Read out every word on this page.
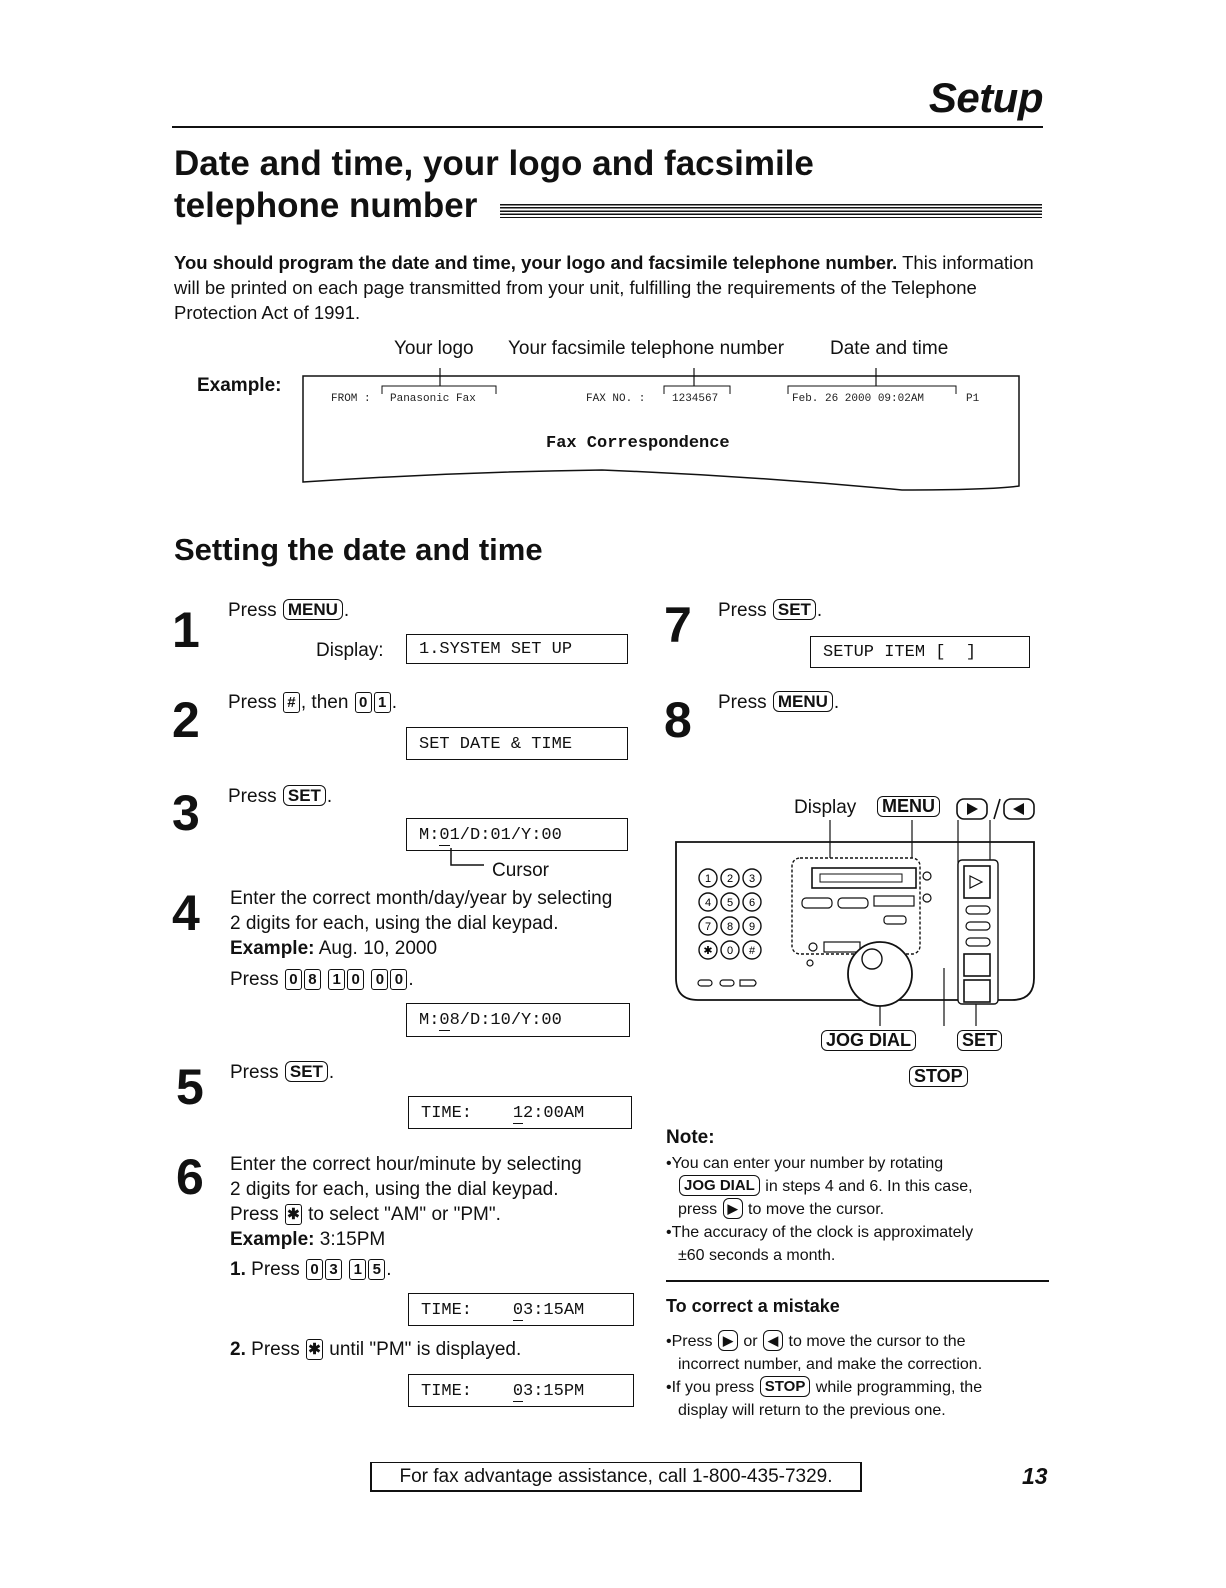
Setup
Date and time, your logo and facsimile
telephone number
You should program the date and time, your logo and facsimile telephone number. This information will be printed on each page transmitted from your unit, fulfilling the requirements of the Telephone Protection Act of 1991.
Your logo Your facsimile telephone number Date and time
Example:
FROM : Panasonic Fax	FAX NO. : 1234567	Feb. 26 2000 09:02AM	P1
Fax Correspondence
Setting the date and time
1 Press MENU .
Display:	1.SYSTEM SET UP
2 Press # , then 0 1 .
SET DATE & TIME
3 Press SET .
M:01/D:01/Y:00
Cursor
4 Enter the correct month/day/year by selecting
2 digits for each, using the dial keypad.
Example: Aug. 10, 2000
Press 0 8 1 0 0 0 .
M:08/D:10/Y:00
5 Press SET .
TIME:    12:00AM
6 Enter the correct hour/minute by selecting
2 digits for each, using the dial keypad.
Press ✱ to select "AM" or "PM".
Example: 3:15PM
1. Press 0 3 1 5 .
TIME:    03:15AM
2. Press ✱ until "PM" is displayed.
TIME:    03:15PM
7 Press SET .
SETUP ITEM [  ]
8 Press MENU .
Display	MENU
1 2 3
4 5 6
7 8 9
✱ 0 #
JOG DIAL	SET
STOP
Note:
•You can enter your number by rotating
JOG DIAL in steps 4 and 6. In this case,
press ▶ to move the cursor.
•The accuracy of the clock is approximately
±60 seconds a month.
To correct a mistake
•Press ▶ or ◀ to move the cursor to the
incorrect number, and make the correction.
•If you press STOP while programming, the
display will return to the previous one.
For fax advantage assistance, call 1-800-435-7329.	13
